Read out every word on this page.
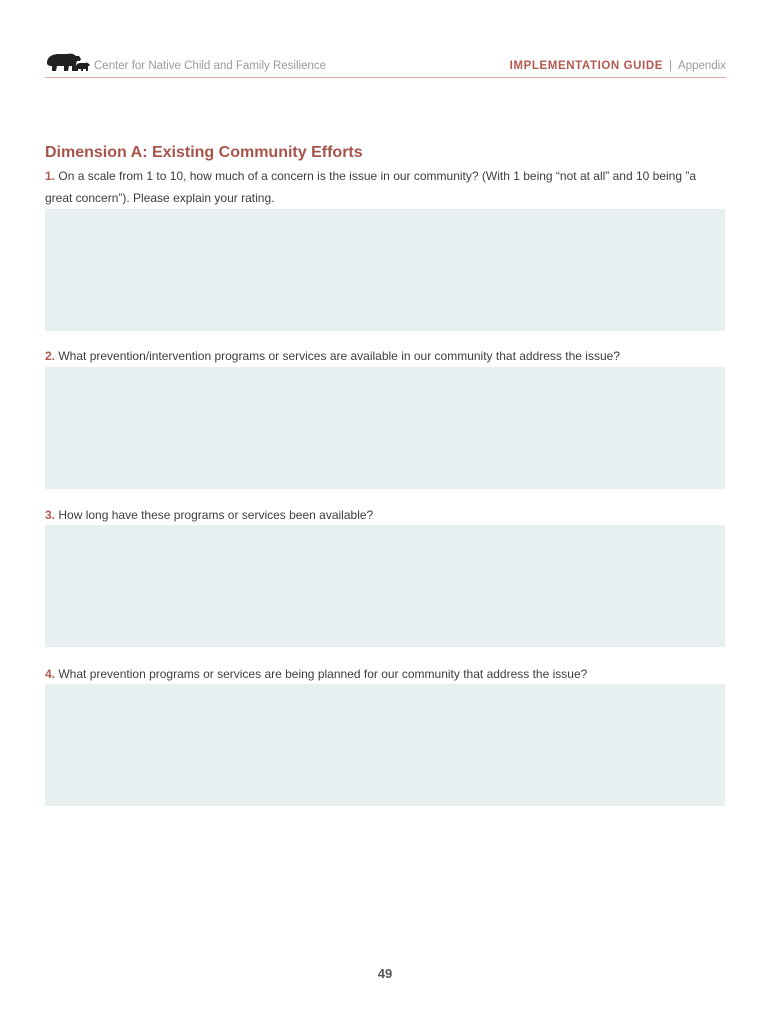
Center for Native Child and Family Resilience	IMPLEMENTATION GUIDE | Appendix
Dimension A: Existing Community Efforts
1. On a scale from 1 to 10, how much of a concern is the issue in our community? (With 1 being “not at all” and 10 being ”a great concern”). Please explain your rating.
2. What prevention/intervention programs or services are available in our community that address the issue?
3. How long have these programs or services been available?
4. What prevention programs or services are being planned for our community that address the issue?
49
